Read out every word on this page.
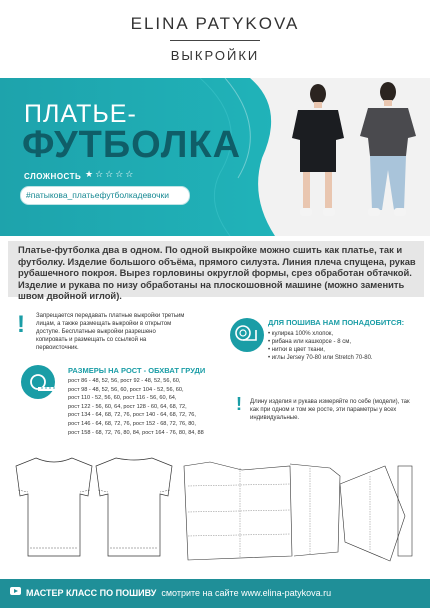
ELINA PATYKOVA
ВЫКРОЙКИ
ПЛАТЬЕ-
ФУТБОЛКА
СЛОЖНОСТЬ ★☆☆☆☆
#патыкова_платьефутболкадевочки
Платье-футболка два в одном. По одной выкройке можно сшить как платье, так и футболку. Изделие большого объёма, прямого силуэта. Линия плеча спущена, рукав рубашечного покроя. Вырез горловины округлой формы, срез обработан обтачкой. Изделие и рукава по низу обработаны на плоскошовной машине (можно заменить швом двойной иглой).
! Запрещается передавать платные выкройки третьим лицам, а также размещать выкройки в открытом доступе. Бесплатные выкройки разрешено копировать и размещать со ссылкой на первоисточник.
ДЛЯ ПОШИВА НАМ ПОНАДОБИТСЯ:
• кулирка 100% хлопок,
• рибана или кашкорсе - 8 см,
• нитки в цвет ткани,
• иглы Jersey 70-80 или Stretch 70-80.
РАЗМЕРЫ НА РОСТ - ОБХВАТ ГРУДИ
рост 86 - 48, 52, 56, рост 92 - 48, 52, 56, 60,
рост 98 - 48, 52, 56, 60, рост 104 - 52, 56, 60,
рост 110 - 52, 56, 60, рост 116 - 56, 60, 64,
рост 122 - 56, 60, 64, рост 128 - 60, 64, 68, 72,
рост 134 - 64, 68, 72, 76, рост 140 - 64, 68, 72, 76,
рост 146 - 64, 68, 72, 76, рост 152 - 68, 72, 76, 80,
рост 158 - 68, 72, 76, 80, 84, рост 164 - 76, 80, 84, 88
! Длину изделия и рукава измеряйте по себе (модели), так как при одном и том же росте, эти параметры у всех индивидуальные.
МАСТЕР КЛАСС ПО ПОШИВУ смотрите на сайте www.elina-patykova.ru
